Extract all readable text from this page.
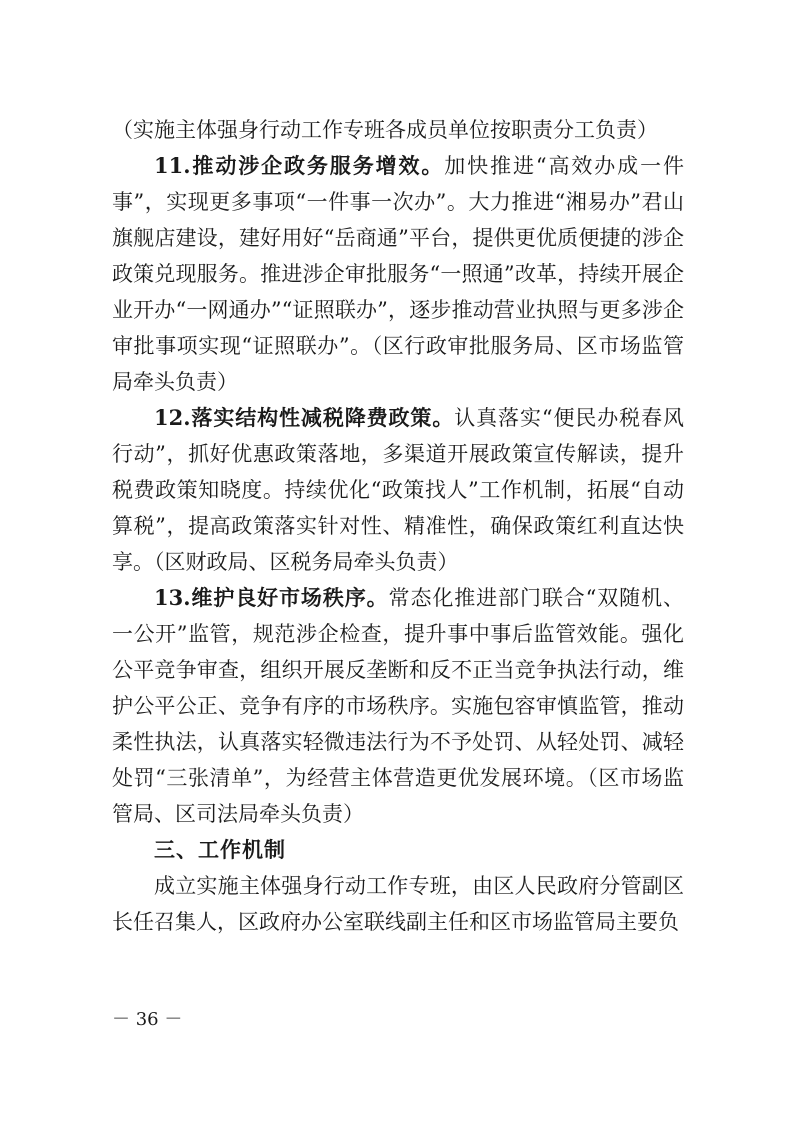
（实施主体强身行动工作专班各成员单位按职责分工负责）

11.推动涉企政务服务增效。加快推进“高效办成一件事”，实现更多事项“一件事一次办”。大力推进“湘易办”君山旗舰店建设，建好用好“岳商通”平台，提供更优质便捷的涉企政策兑现服务。推进涉企审批服务“一照通”改革，持续开展企业开办“一网通办”“证照联办”，逐步推动营业执照与更多涉企审批事项实现“证照联办”。（区行政审批服务局、区市场监管局牵头负责）

12.落实结构性减税降费政策。认真落实“便民办税春风行动”，抓好优惠政策落地，多渠道开展政策宣传解读，提升税费政策知晓度。持续优化“政策找人”工作机制，拓展“自动算税”，提高政策落实针对性、精准性，确保政策红利直达快享。（区财政局、区税务局牵头负责）

13.维护良好市场秩序。常态化推进部门联合“双随机、一公开”监管，规范涉企检查，提升事中事后监管效能。强化公平竞争审查，组织开展反垄断和反不正当竞争执法行动，维护公平公正、竞争有序的市场秩序。实施包容审慎监管，推动柔性执法，认真落实轻微违法行为不予处罚、从轻处罚、减轻处罚“三张清单”，为经营主体营造更优发展环境。（区市场监管局、区司法局牵头负责）

三、工作机制

成立实施主体强身行动工作专班，由区人民政府分管副区长任召集人，区政府办公室联线副主任和区市场监管局主要负

－ 36 －
